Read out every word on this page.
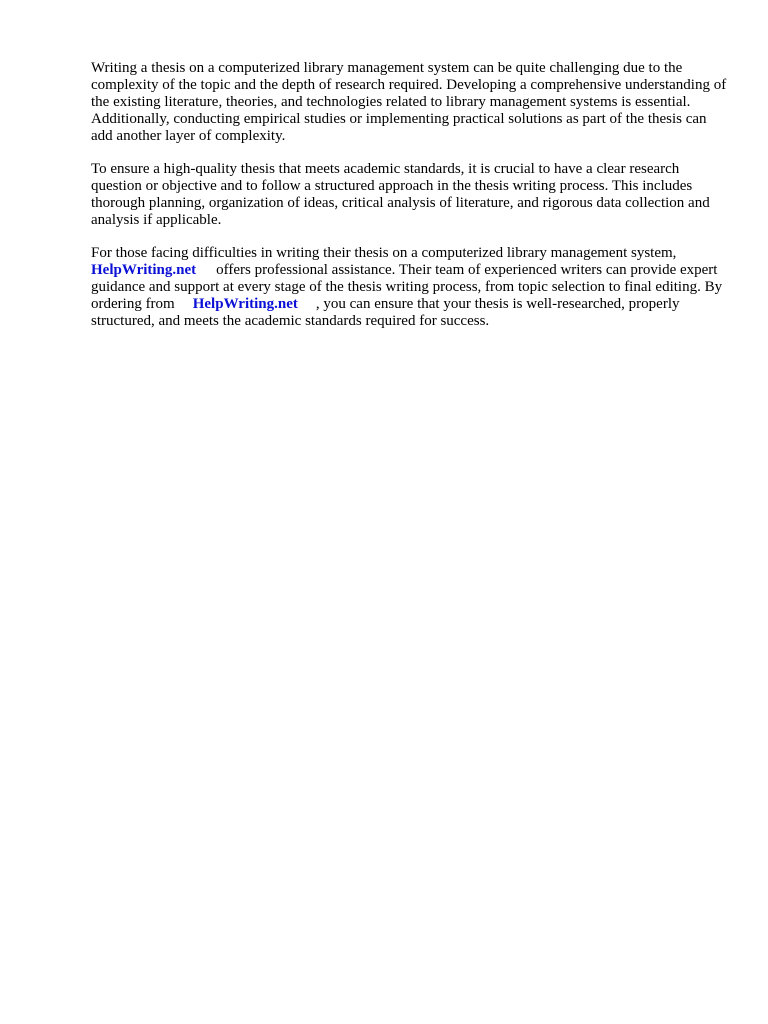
Writing a thesis on a computerized library management system can be quite challenging due to the complexity of the topic and the depth of research required. Developing a comprehensive understanding of the existing literature, theories, and technologies related to library management systems is essential. Additionally, conducting empirical studies or implementing practical solutions as part of the thesis can add another layer of complexity.

To ensure a high-quality thesis that meets academic standards, it is crucial to have a clear research question or objective and to follow a structured approach in the thesis writing process. This includes thorough planning, organization of ideas, critical analysis of literature, and rigorous data collection and analysis if applicable.

For those facing difficulties in writing their thesis on a computerized library management system, HelpWriting.net offers professional assistance. Their team of experienced writers can provide expert guidance and support at every stage of the thesis writing process, from topic selection to final editing. By ordering from HelpWriting.net , you can ensure that your thesis is well-researched, properly structured, and meets the academic standards required for success.
